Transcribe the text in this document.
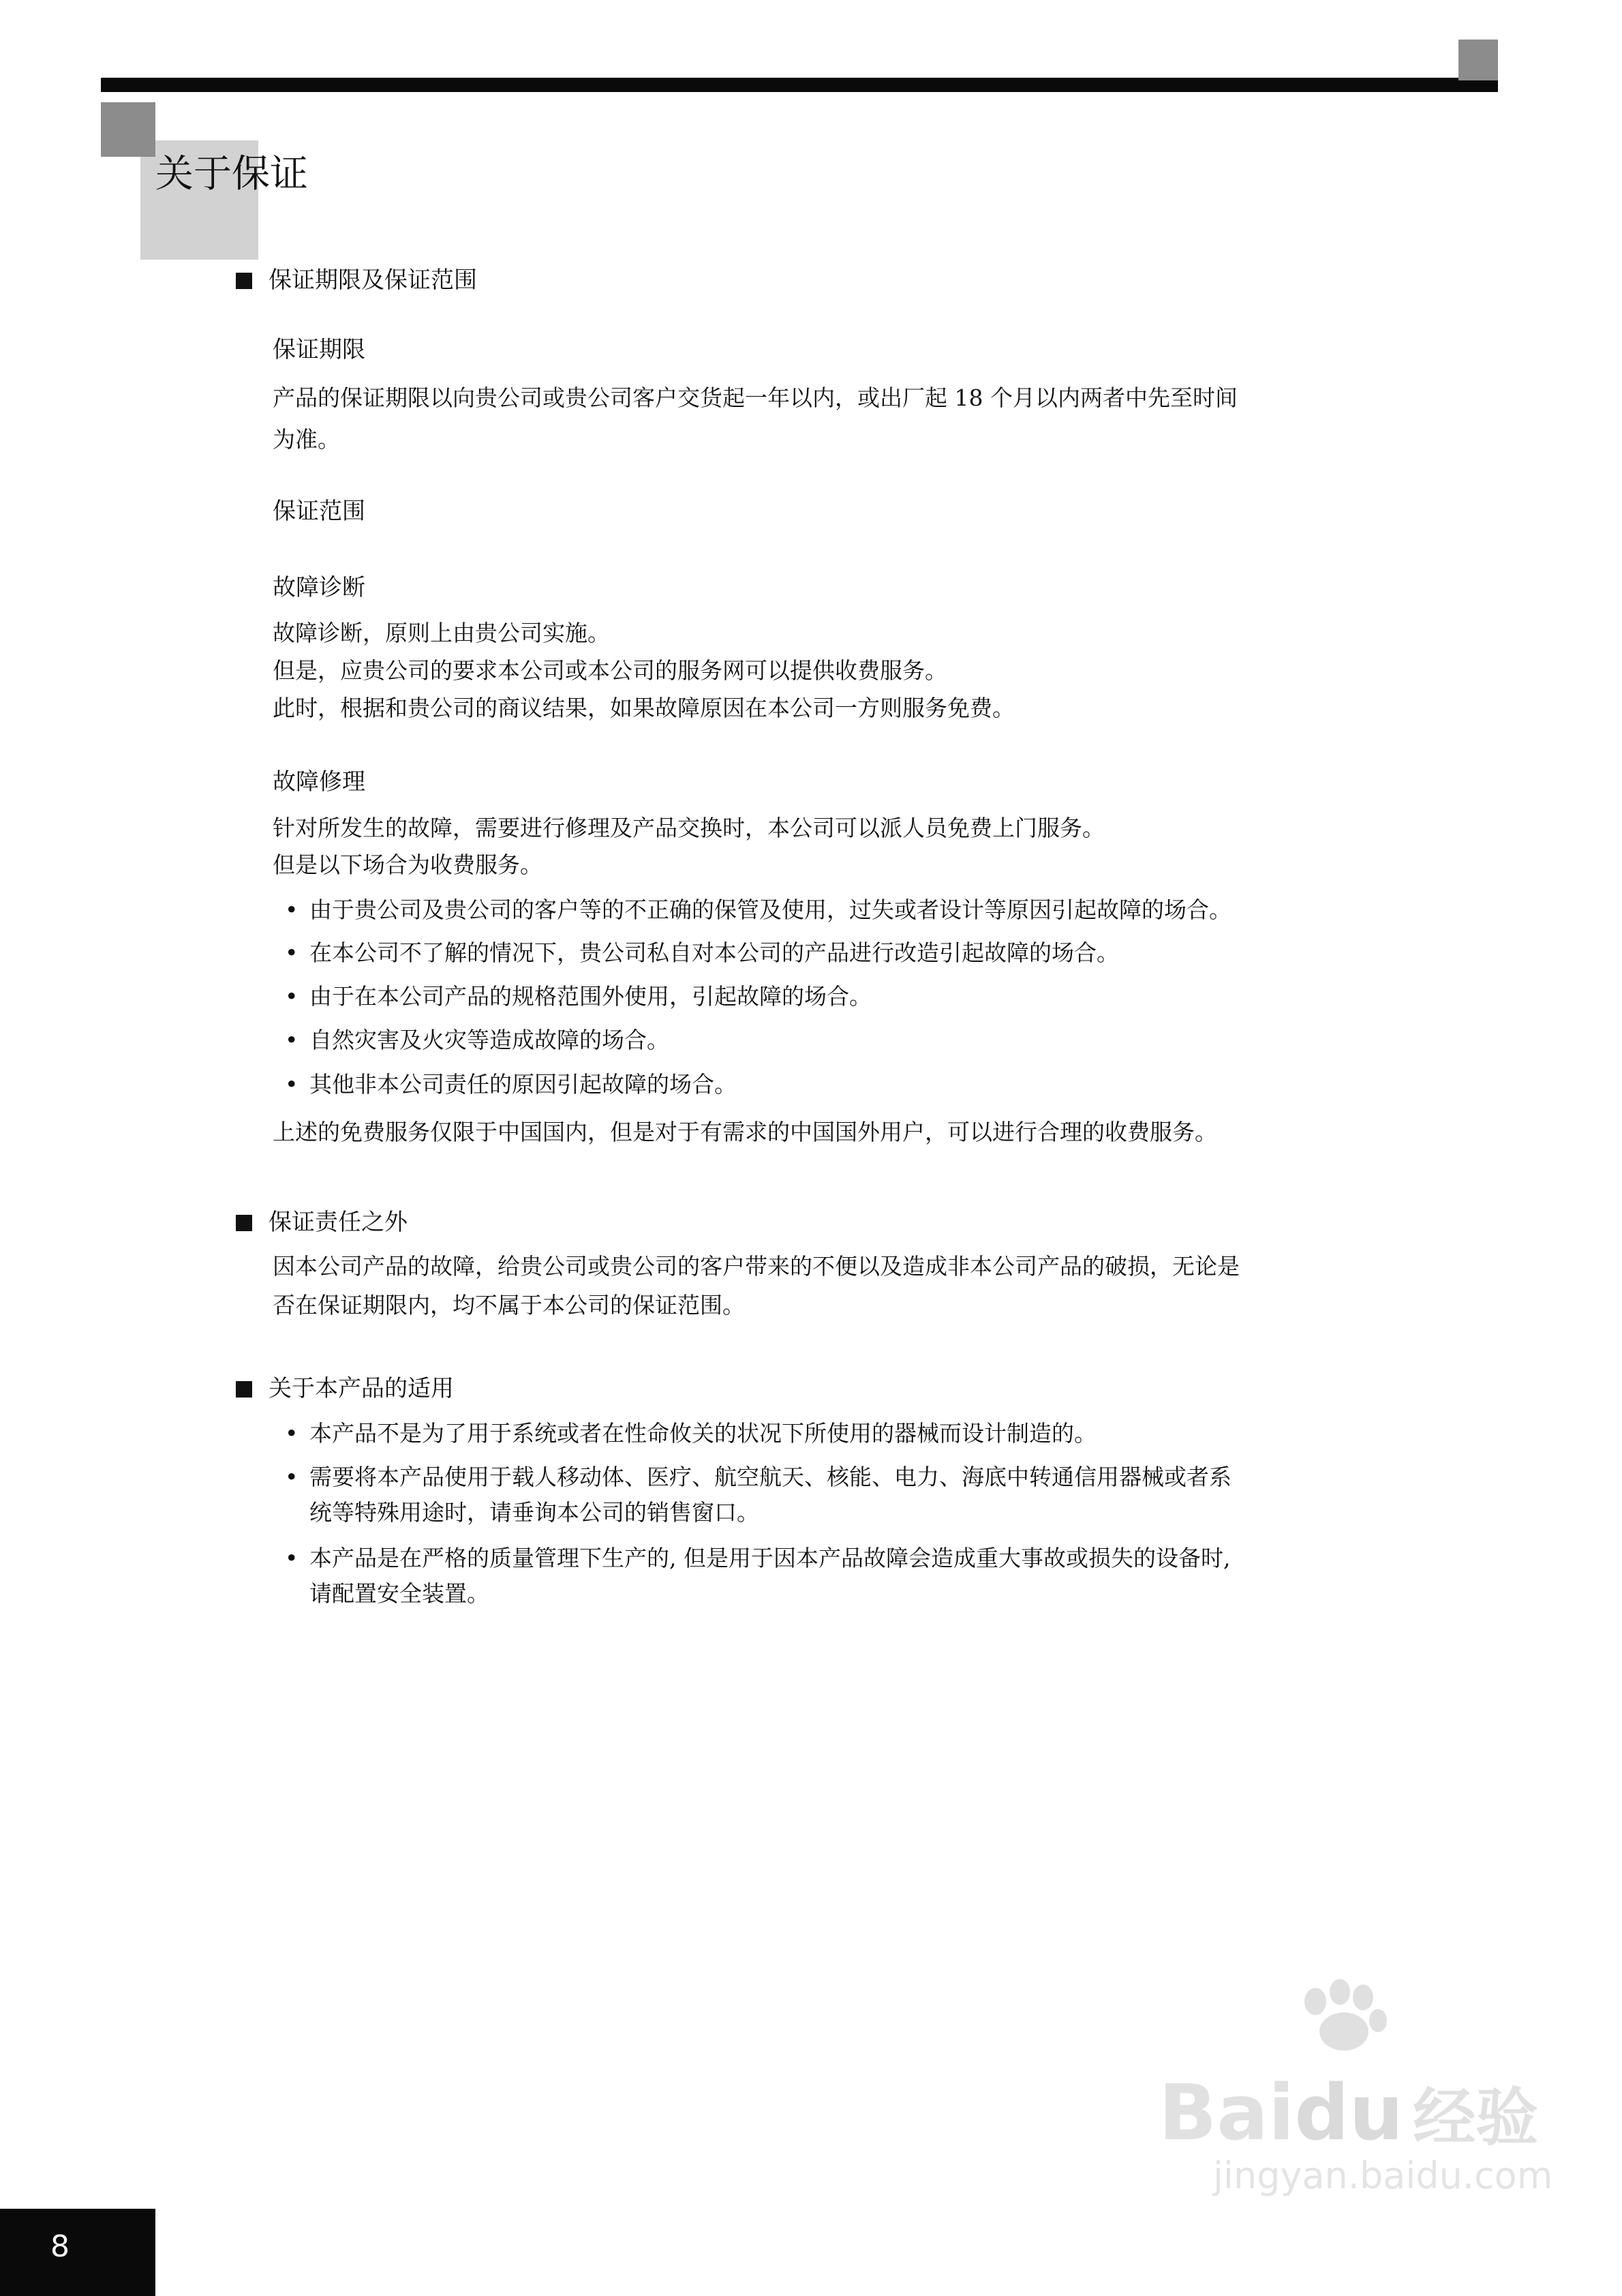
关于保证
保证期限及保证范围
保证期限
产品的保证期限以向贵公司或贵公司客户交货起一年以内，或出厂起 18 个月以内两者中先至时间
为准。
保证范围
故障诊断
故障诊断，原则上由贵公司实施。
但是，应贵公司的要求本公司或本公司的服务网可以提供收费服务。
此时，根据和贵公司的商议结果，如果故障原因在本公司一方则服务免费。
故障修理
针对所发生的故障，需要进行修理及产品交换时，本公司可以派人员免费上门服务。
但是以下场合为收费服务。
• 由于贵公司及贵公司的客户等的不正确的保管及使用，过失或者设计等原因引起故障的场合。
• 在本公司不了解的情况下，贵公司私自对本公司的产品进行改造引起故障的场合。
• 由于在本公司产品的规格范围外使用，引起故障的场合。
• 自然灾害及火灾等造成故障的场合。
• 其他非本公司责任的原因引起故障的场合。
上述的免费服务仅限于中国国内，但是对于有需求的中国国外用户，可以进行合理的收费服务。
保证责任之外
因本公司产品的故障，给贵公司或贵公司的客户带来的不便以及造成非本公司产品的破损，无论是
否在保证期限内，均不属于本公司的保证范围。
关于本产品的适用
• 本产品不是为了用于系统或者在性命攸关的状况下所使用的器械而设计制造的。
• 需要将本产品使用于载人移动体、医疗、航空航天、核能、电力、海底中转通信用器械或者系
统等特殊用途时，请垂询本公司的销售窗口。
• 本产品是在严格的质量管理下生产的, 但是用于因本产品故障会造成重大事故或损失的设备时,
请配置安全装置。
Baidu 经验
jingyan.baidu.com
8
